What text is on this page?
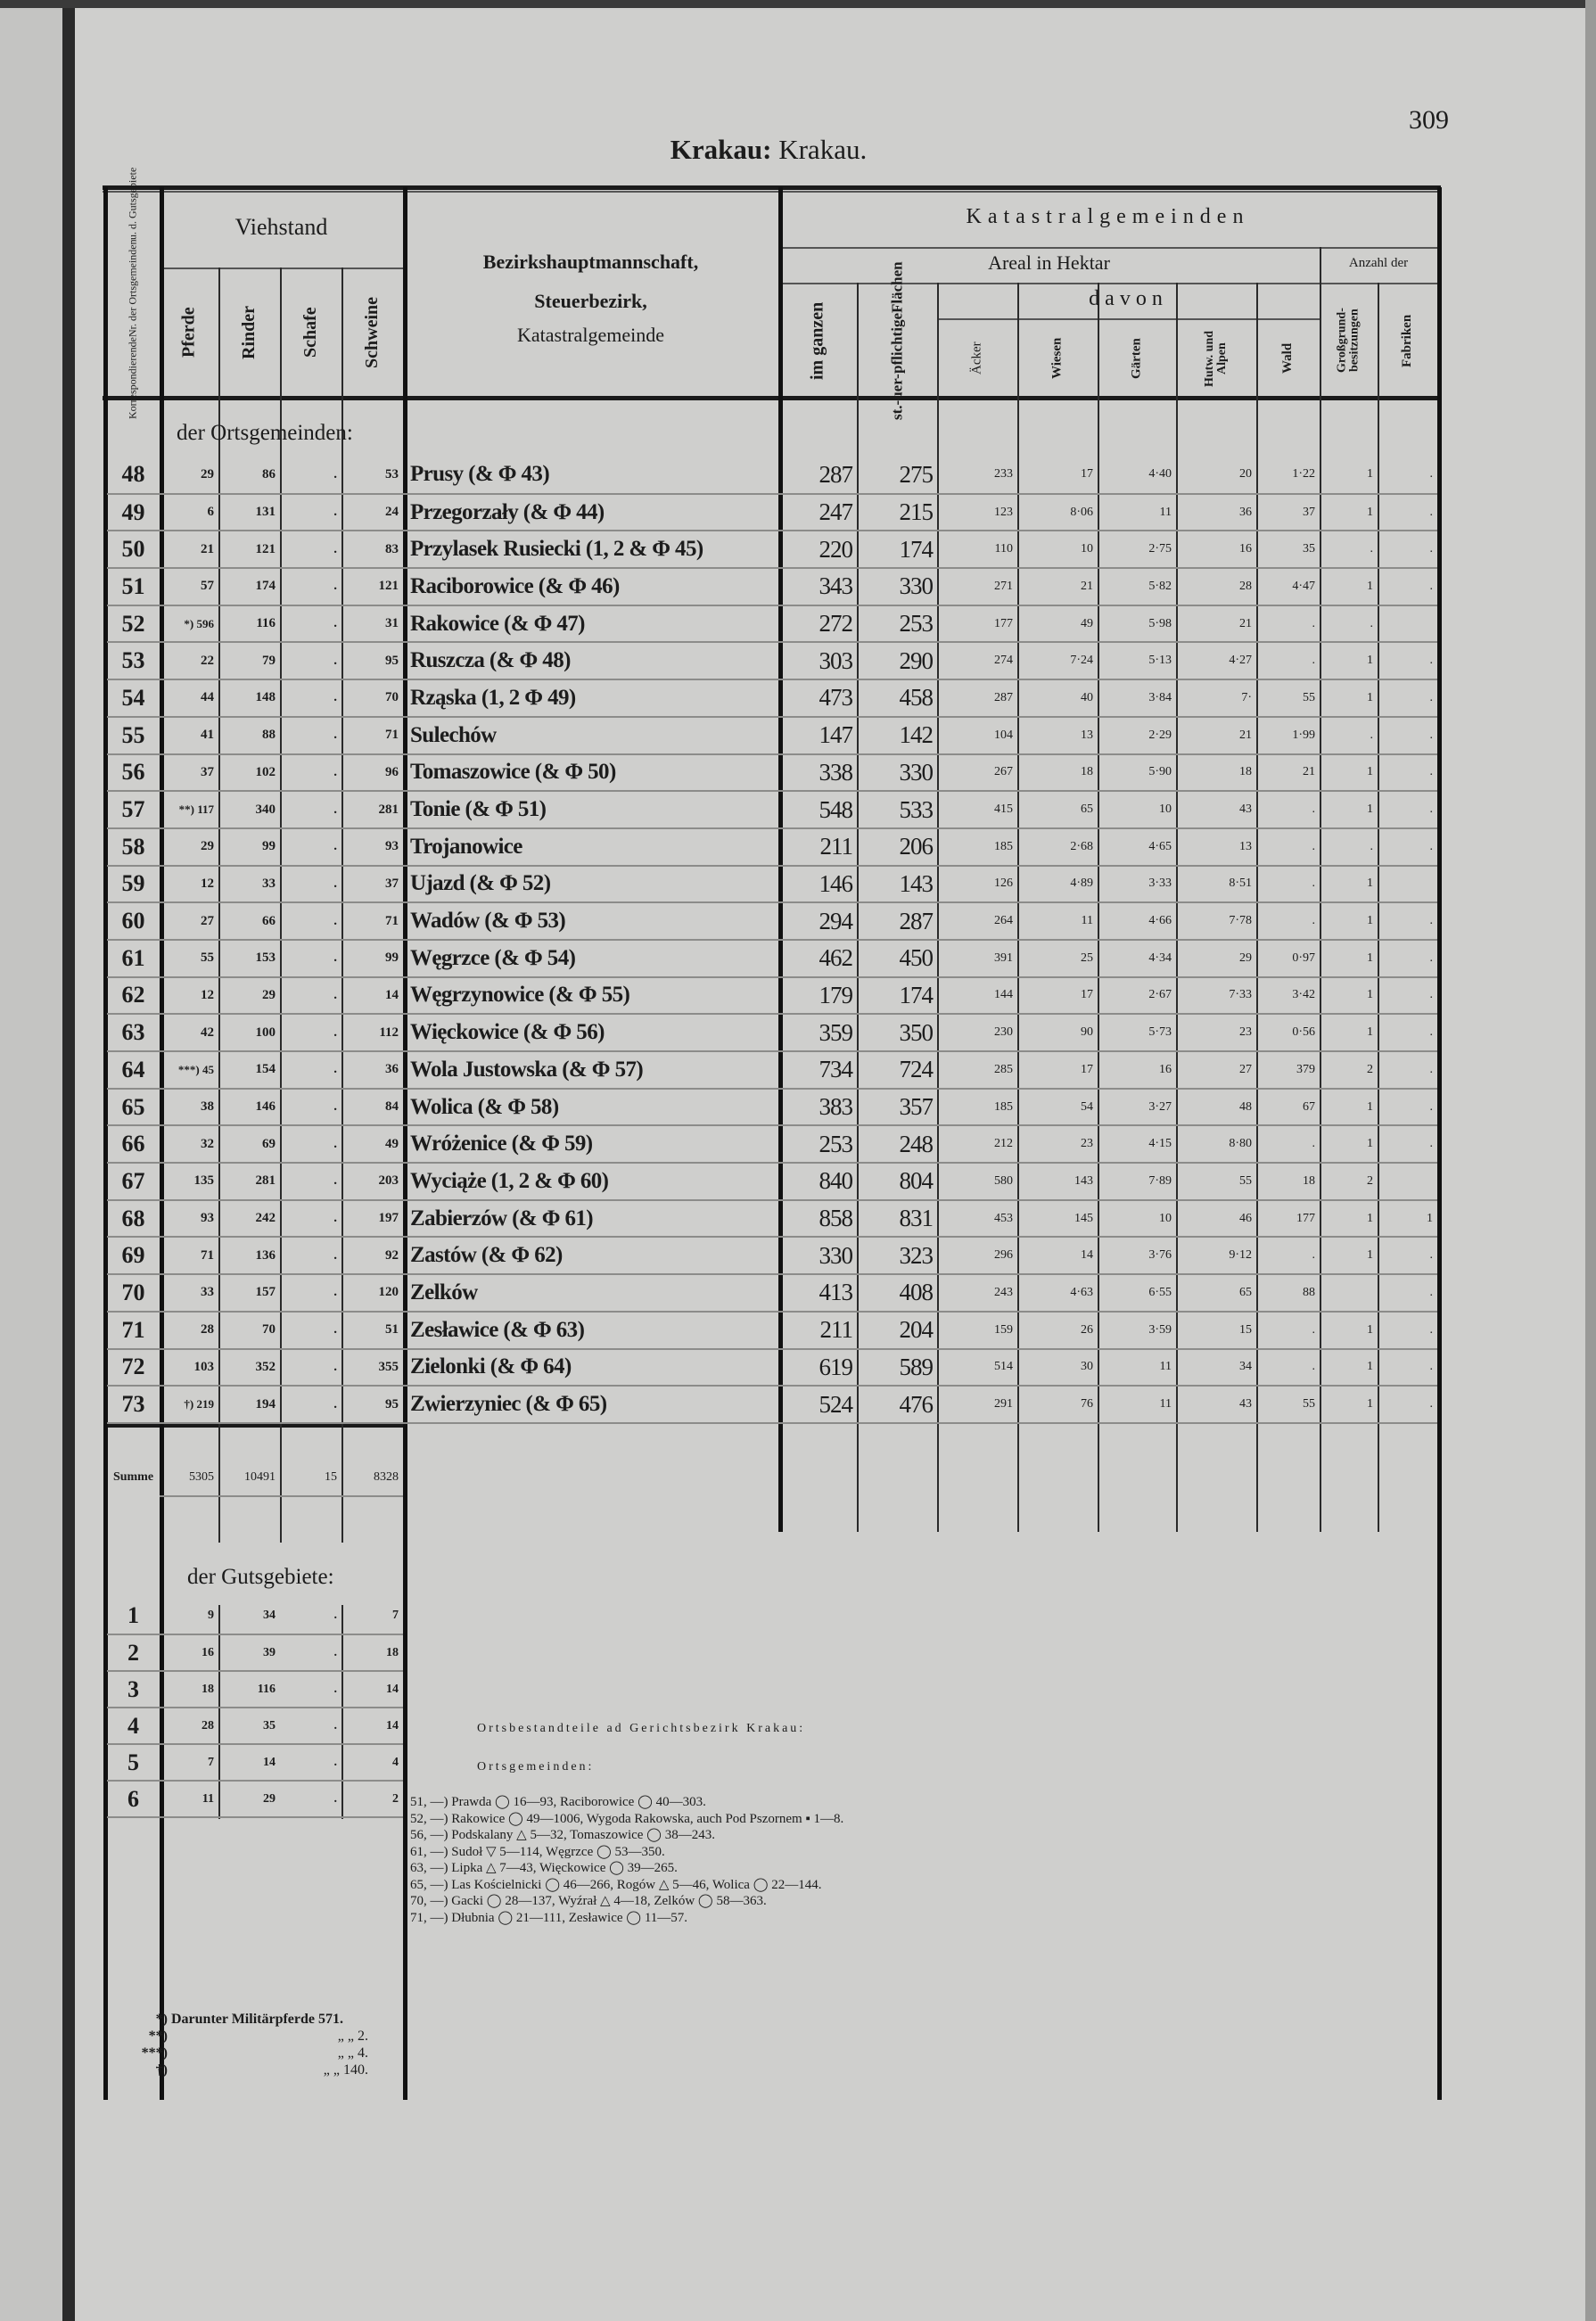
309
Krakau: Krakau.
Korrespondierende
Nr. der Ortsgemeinden
u. d. Gutsgebiete	Viehstand
Pferde	Rinder	Schafe	Schweine
Bezirkshauptmannschaft,
Steuerbezirk,
Katastralgemeinde
Katastralgemeinden
Areal in Hektar	Anzahl der
davon
im ganzen
st.-uer-
pflichtige
Flächen
Äcker	Wiesen	Gärten	Hutw. und Alpen	Wald	Großgrund-besitzungen	Fabriken
der Ortsgemeinden:
48	29	86	.	53	Prusy (& Φ 43)	287	275	233	17	4·40	20	1·22	1	.
49	6	131	.	24	Przegorzały (& Φ 44)	247	215	123	8·06	11	36	37	1	.
50	21	121	.	83	Przylasek Rusiecki (1, 2 & Φ 45)	220	174	110	10	2·75	16	35	.	.
51	57	174	.	121	Raciborowice (& Φ 46)	343	330	271	21	5·82	28	4·47	1	.
52	*) 596	116	.	31	Rakowice (& Φ 47)	272	253	177	49	5·98	21	.	.	
53	22	79	.	95	Ruszcza (& Φ 48)	303	290	274	7·24	5·13	4·27	.	1	.
54	44	148	.	70	Rząska (1, 2 Φ 49)	473	458	287	40	3·84	7·	55	1	.
55	41	88	.	71	Sulechów	147	142	104	13	2·29	21	1·99	.	.
56	37	102	.	96	Tomaszowice (& Φ 50)	338	330	267	18	5·90	18	21	1	.
57	**) 117	340	.	281	Tonie (& Φ 51)	548	533	415	65	10	43	.	1	.
58	29	99	.	93	Trojanowice	211	206	185	2·68	4·65	13	.	.	.
59	12	33	.	37	Ujazd (& Φ 52)	146	143	126	4·89	3·33	8·51	.	1	
60	27	66	.	71	Wadów (& Φ 53)	294	287	264	11	4·66	7·78	.	1	.
61	55	153	.	99	Węgrzce (& Φ 54)	462	450	391	25	4·34	29	0·97	1	.
62	12	29	.	14	Węgrzynowice (& Φ 55)	179	174	144	17	2·67	7·33	3·42	1	.
63	42	100	.	112	Więckowice (& Φ 56)	359	350	230	90	5·73	23	0·56	1	.
64	***) 45	154	.	36	Wola Justowska (& Φ 57)	734	724	285	17	16	27	379	2	.
65	38	146	.	84	Wolica (& Φ 58)	383	357	185	54	3·27	48	67	1	.
66	32	69	.	49	Wróżenice (& Φ 59)	253	248	212	23	4·15	8·80	.	1	.
67	135	281	.	203	Wyciąże (1, 2 & Φ 60)	840	804	580	143	7·89	55	18	2	
68	93	242	.	197	Zabierzów (& Φ 61)	858	831	453	145	10	46	177	1	1
69	71	136	.	92	Zastów (& Φ 62)	330	323	296	14	3·76	9·12	.	1	.
70	33	157	.	120	Zelków	413	408	243	4·63	6·55	65	88		.
71	28	70	.	51	Zesławice (& Φ 63)	211	204	159	26	3·59	15	.	1	.
72	103	352	.	355	Zielonki (& Φ 64)	619	589	514	30	11	34	.	1	.
73	†) 219	194	.	95	Zwierzyniec (& Φ 65)	524	476	291	76	11	43	55	1	.
Summe	5305	10491	15	8328
der Gutsgebiete:
1	9	34	.	7
2	16	39	.	18
3	18	116	.	14
4	28	35	.	14
5	7	14	.	4
6	11	29	.	2
*) Darunter Militärpferde 571.
**)	„ „ 2.
***)	„ „ 4.
†)	„ „ 140.
Ortsbestandteile ad Gerichtsbezirk Krakau:
Ortsgemeinden:
51, —) Prawda ◯ 16—93, Raciborowice ◯ 40—303.
52, —) Rakowice ◯ 49—1006, Wygoda Rakowska, auch Pod Pszornem ▪ 1—8.
56, —) Podskalany △ 5—32, Tomaszowice ◯ 38—243.
61, —) Sudoł ▽ 5—114, Węgrzce ◯ 53—350.
63, —) Lipka △ 7—43, Więckowice ◯ 39—265.
65, —) Las Kościelnicki ◯ 46—266, Rogów △ 5—46, Wolica ◯ 22—144.
70, —) Gacki ◯ 28—137, Wyźrał △ 4—18, Zelków ◯ 58—363.
71, —) Dłubnia ◯ 21—111, Zesławice ◯ 11—57.
